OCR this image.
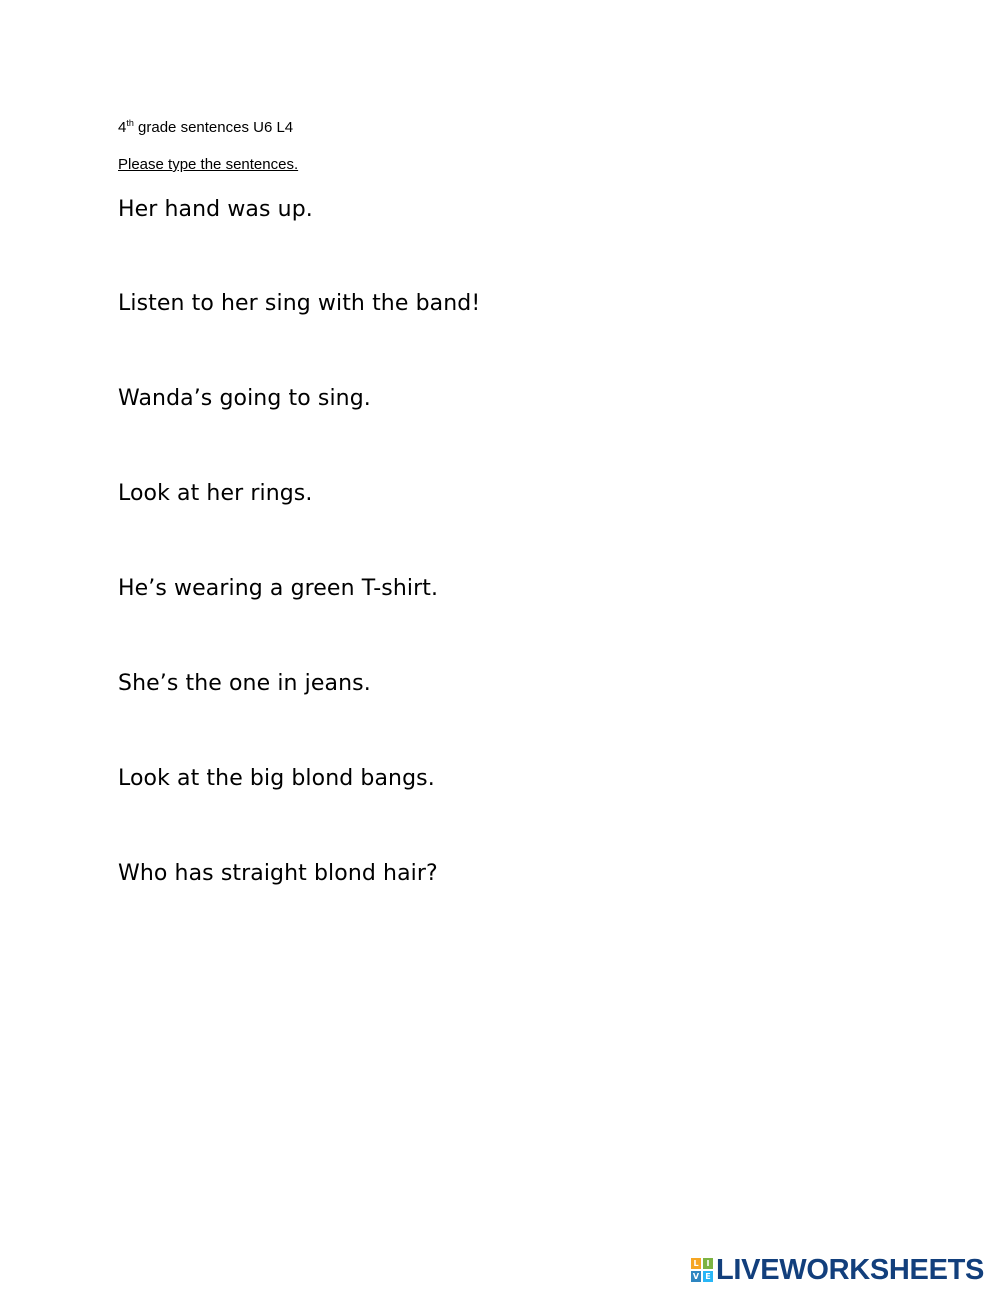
4th grade sentences U6 L4
Please type the sentences.
Her hand was up.
Listen to her sing with the band!
Wanda’s going to sing.
Look at her rings.
He’s wearing a green T-shirt.
She’s the one in jeans.
Look at the big blond bangs.
Who has straight blond hair?
L I
V E LIVEWORKSHEETS
